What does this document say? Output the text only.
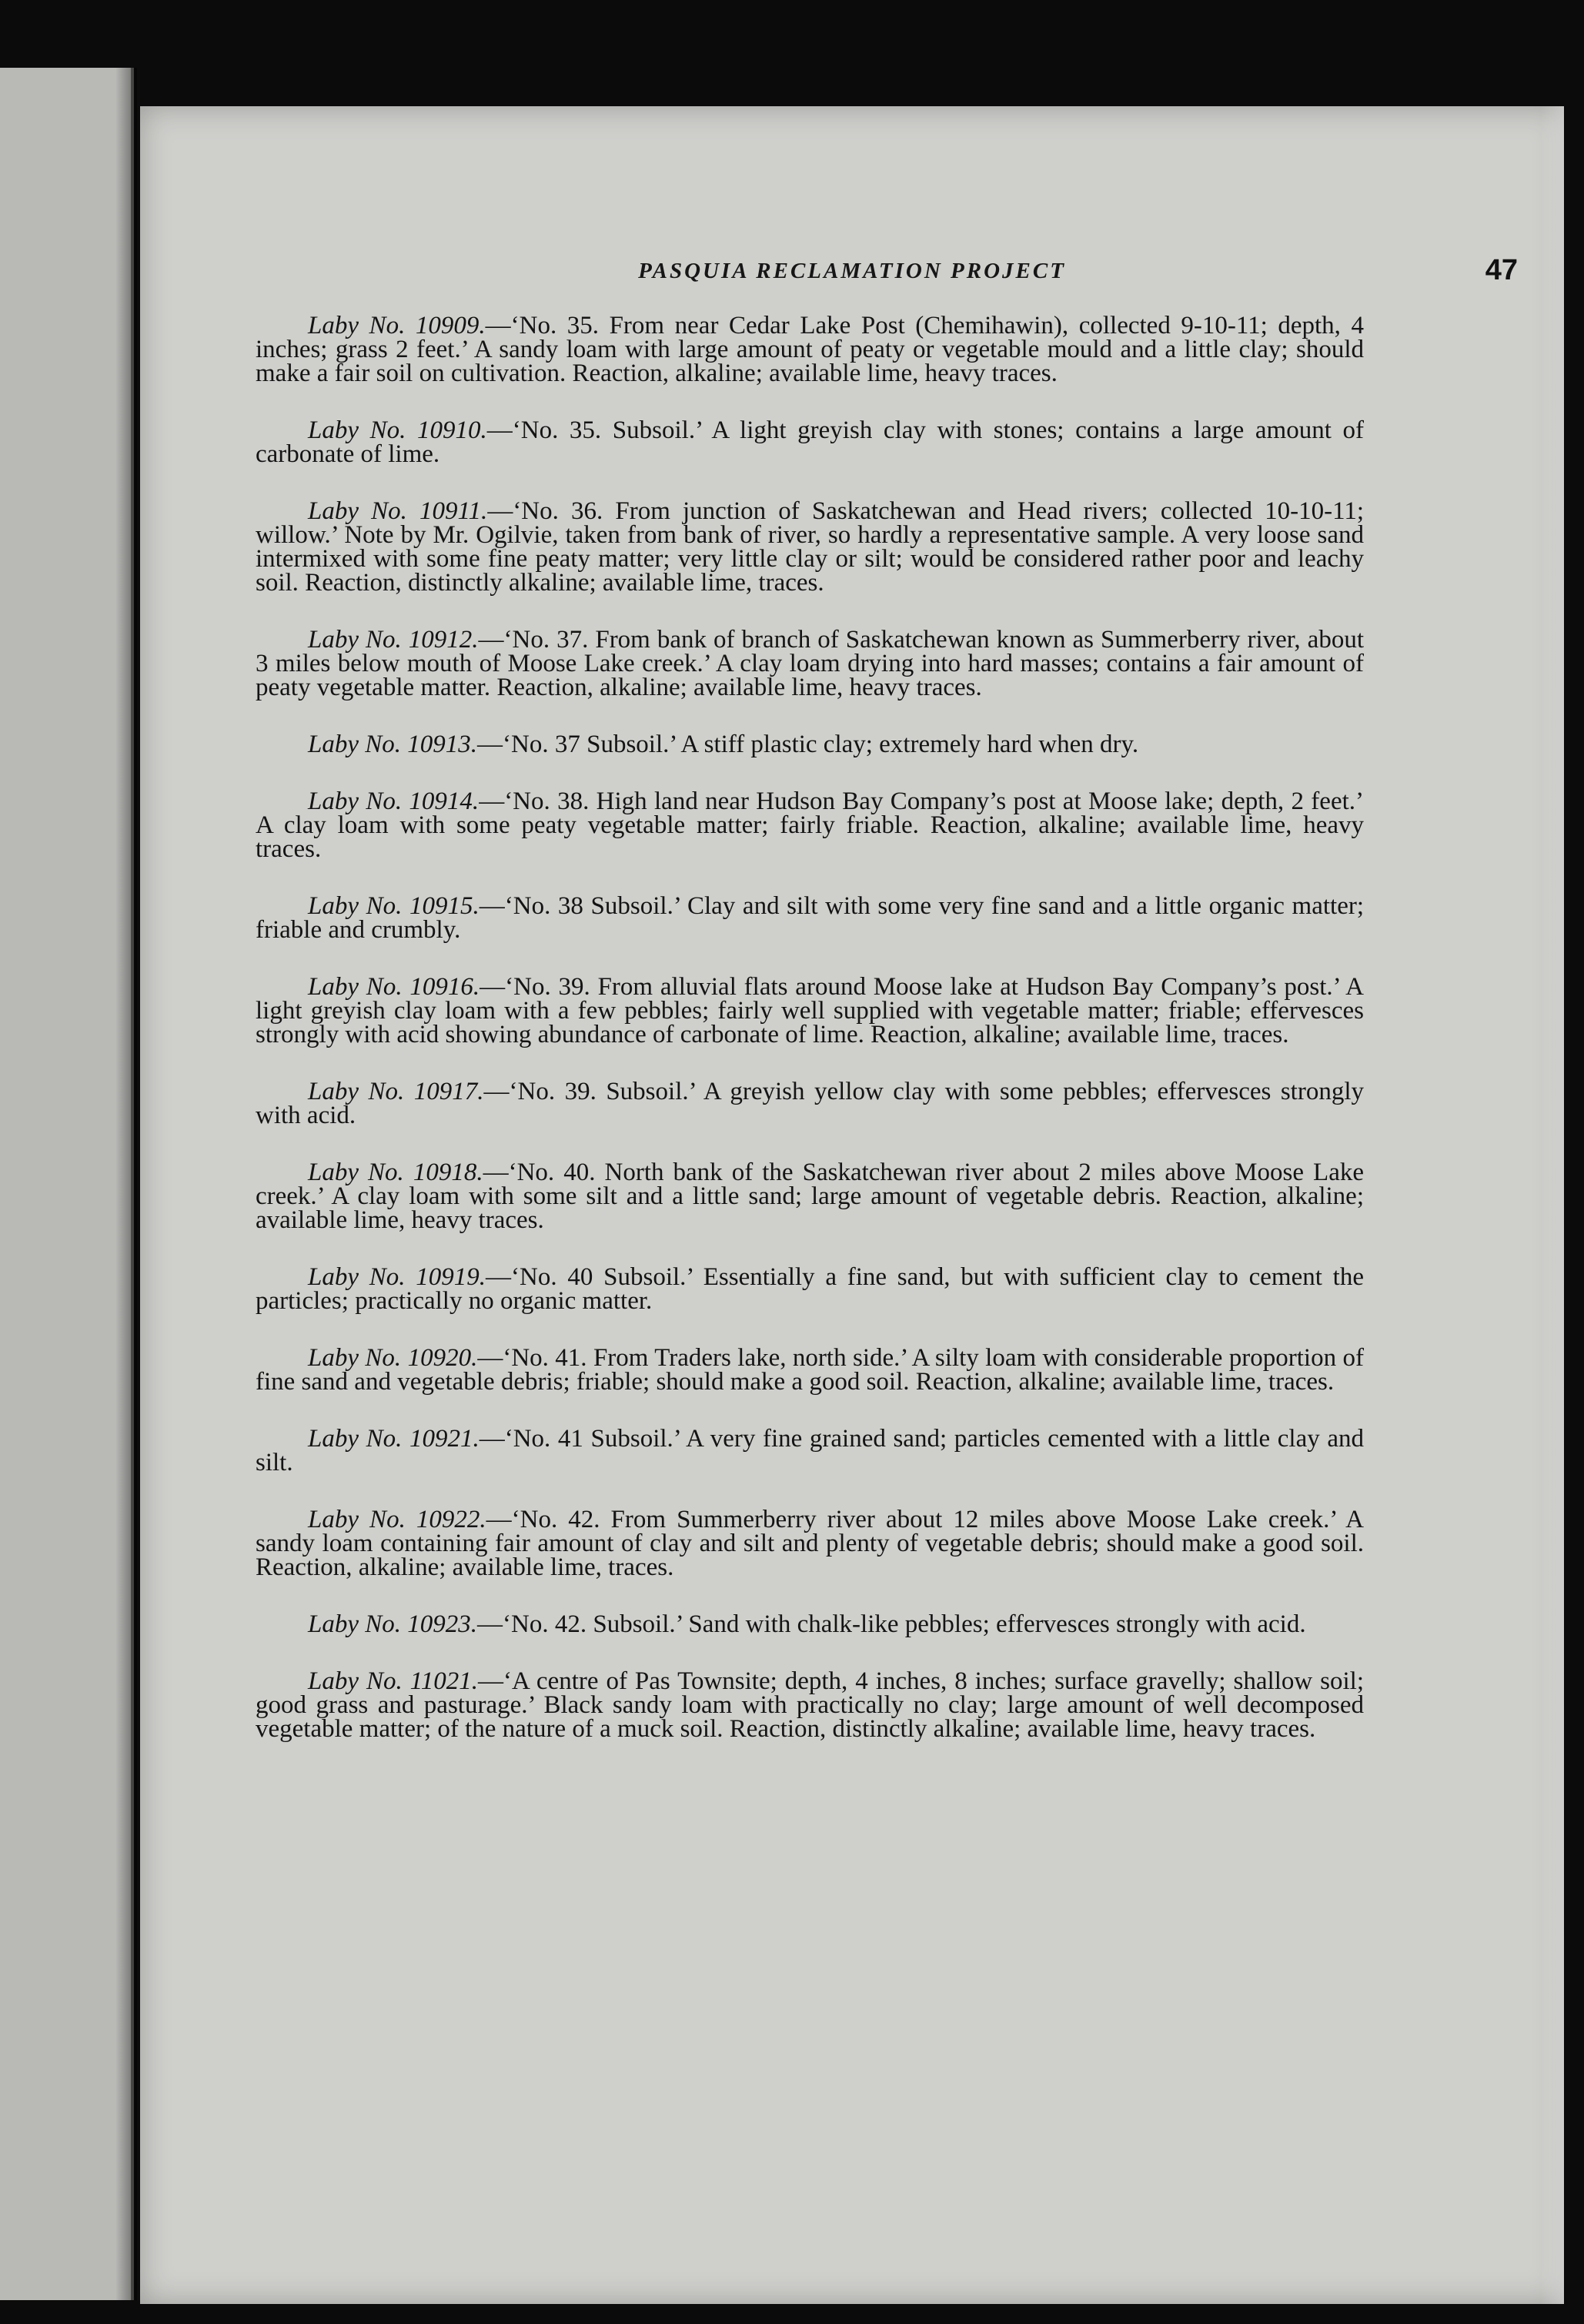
PASQUIA RECLAMATION PROJECT	47

Laby No. 10909.—‘No. 35. From near Cedar Lake Post (Chemihawin), collected 9-10-11; depth, 4 inches; grass 2 feet.’ A sandy loam with large amount of peaty or vegetable mould and a little clay; should make a fair soil on cultivation. Reaction, alkaline; available lime, heavy traces.

Laby No. 10910.—‘No. 35. Subsoil.’ A light greyish clay with stones; contains a large amount of carbonate of lime.

Laby No. 10911.—‘No. 36. From junction of Saskatchewan and Head rivers; collected 10-10-11; willow.’ Note by Mr. Ogilvie, taken from bank of river, so hardly a representative sample. A very loose sand intermixed with some fine peaty matter; very little clay or silt; would be considered rather poor and leachy soil. Reaction, distinctly alkaline; available lime, traces.

Laby No. 10912.—‘No. 37. From bank of branch of Saskatchewan known as Summerberry river, about 3 miles below mouth of Moose Lake creek.’ A clay loam drying into hard masses; contains a fair amount of peaty vegetable matter. Reaction, alkaline; available lime, heavy traces.

Laby No. 10913.—‘No. 37 Subsoil.’ A stiff plastic clay; extremely hard when dry.

Laby No. 10914.—‘No. 38. High land near Hudson Bay Company’s post at Moose lake; depth, 2 feet.’ A clay loam with some peaty vegetable matter; fairly friable. Reaction, alkaline; available lime, heavy traces.

Laby No. 10915.—‘No. 38 Subsoil.’ Clay and silt with some very fine sand and a little organic matter; friable and crumbly.

Laby No. 10916.—‘No. 39. From alluvial flats around Moose lake at Hudson Bay Company’s post.’ A light greyish clay loam with a few pebbles; fairly well supplied with vegetable matter; friable; effervesces strongly with acid showing abundance of carbonate of lime. Reaction, alkaline; available lime, traces.

Laby No. 10917.—‘No. 39. Subsoil.’ A greyish yellow clay with some pebbles; effervesces strongly with acid.

Laby No. 10918.—‘No. 40. North bank of the Saskatchewan river about 2 miles above Moose Lake creek.’ A clay loam with some silt and a little sand; large amount of vegetable debris. Reaction, alkaline; available lime, heavy traces.

Laby No. 10919.—‘No. 40 Subsoil.’ Essentially a fine sand, but with sufficient clay to cement the particles; practically no organic matter.

Laby No. 10920.—‘No. 41. From Traders lake, north side.’ A silty loam with considerable proportion of fine sand and vegetable debris; friable; should make a good soil. Reaction, alkaline; available lime, traces.

Laby No. 10921.—‘No. 41 Subsoil.’ A very fine grained sand; particles cemented with a little clay and silt.

Laby No. 10922.—‘No. 42. From Summerberry river about 12 miles above Moose Lake creek.’ A sandy loam containing fair amount of clay and silt and plenty of vegetable debris; should make a good soil. Reaction, alkaline; available lime, traces.

Laby No. 10923.—‘No. 42. Subsoil.’ Sand with chalk-like pebbles; effervesces strongly with acid.

Laby No. 11021.—‘A centre of Pas Townsite; depth, 4 inches, 8 inches; surface gravelly; shallow soil; good grass and pasturage.’ Black sandy loam with practically no clay; large amount of well decomposed vegetable matter; of the nature of a muck soil. Reaction, distinctly alkaline; available lime, heavy traces.
